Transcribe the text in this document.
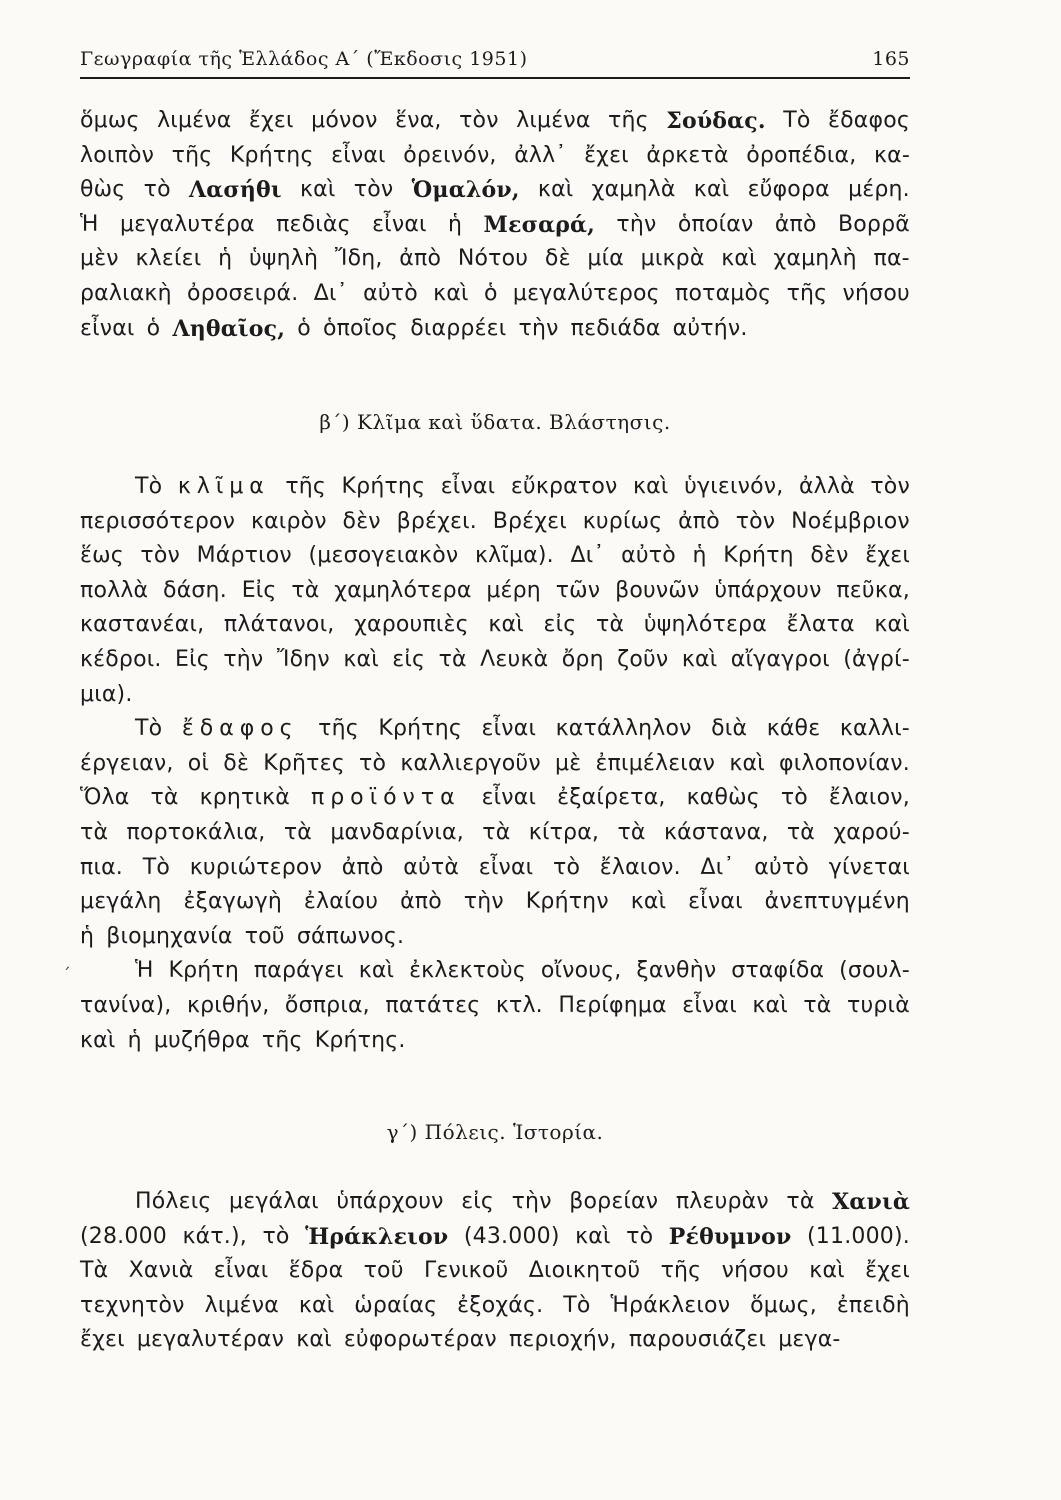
Γεωγραφία τῆς Ἑλλάδος Α΄ (Ἔκδοσις 1951)	165
ὅμως λιμένα ἔχει μόνον ἕνα, τὸν λιμένα τῆς Σούδας. Τὸ ἔδαφος
λοιπὸν τῆς Κρήτης εἶναι ὀρεινόν, ἀλλ᾽ ἔχει ἀρκετὰ ὀροπέδια, κα-
θὼς τὸ Λασήθι καὶ τὸν Ὁμαλόν, καὶ χαμηλὰ καὶ εὔφορα μέρη.
Ἡ μεγαλυτέρα πεδιὰς εἶναι ἡ Μεσαρά, τὴν ὁποίαν ἀπὸ Βορρᾶ
μὲν κλείει ἡ ὑψηλὴ Ἴδη, ἀπὸ Νότου δὲ μία μικρὰ καὶ χαμηλὴ πα-
ραλιακὴ ὀροσειρά. Δι᾽ αὐτὸ καὶ ὁ μεγαλύτερος ποταμὸς τῆς νήσου
εἶναι ὁ Ληθαῖος, ὁ ὁποῖος διαρρέει τὴν πεδιάδα αὐτήν.
β΄) Κλῖμα καὶ ὕδατα. Βλάστησις.
Τὸ κλῖμα τῆς Κρήτης εἶναι εὔκρατον καὶ ὑγιεινόν, ἀλλὰ τὸν
περισσότερον καιρὸν δὲν βρέχει. Βρέχει κυρίως ἀπὸ τὸν Νοέμβριον
ἕως τὸν Μάρτιον (μεσογειακὸν κλῖμα). Δι᾽ αὐτὸ ἡ Κρήτη δὲν ἔχει
πολλὰ δάση. Εἰς τὰ χαμηλότερα μέρη τῶν βουνῶν ὑπάρχουν πεῦκα,
καστανέαι, πλάτανοι, χαρουπιὲς καὶ εἰς τὰ ὑψηλότερα ἔλατα καὶ
κέδροι. Εἰς τὴν Ἴδην καὶ εἰς τὰ Λευκὰ ὄρη ζοῦν καὶ αἴγαγροι (ἀγρί-
μια).
Τὸ ἔδαφος τῆς Κρήτης εἶναι κατάλληλον διὰ κάθε καλλι-
έργειαν, οἱ δὲ Κρῆτες τὸ καλλιεργοῦν μὲ ἐπιμέλειαν καὶ φιλοπονίαν.
Ὅλα τὰ κρητικὰ προϊόντα εἶναι ἐξαίρετα, καθὼς τὸ ἔλαιον,
τὰ πορτοκάλια, τὰ μανδαρίνια, τὰ κίτρα, τὰ κάστανα, τὰ χαρού-
πια. Τὸ κυριώτερον ἀπὸ αὐτὰ εἶναι τὸ ἔλαιον. Δι᾽ αὐτὸ γίνεται
μεγάλη ἐξαγωγὴ ἐλαίου ἀπὸ τὴν Κρήτην καὶ εἶναι ἀνεπτυγμένη
ἡ βιομηχανία τοῦ σάπωνος.
Ἡ Κρήτη παράγει καὶ ἐκλεκτοὺς οἴνους, ξανθὴν σταφίδα (σουλ-
τανίνα), κριθήν, ὄσπρια, πατάτες κτλ. Περίφημα εἶναι καὶ τὰ τυριὰ
καὶ ἡ μυζήθρα τῆς Κρήτης.
ˊ
γ΄) Πόλεις. Ἱστορία.
Πόλεις μεγάλαι ὑπάρχουν εἰς τὴν βορείαν πλευρὰν τὰ Χανιὰ
(28.000 κάτ.), τὸ Ἡράκλειον (43.000) καὶ τὸ Ρέθυμνον (11.000).
Τὰ Χανιὰ εἶναι ἕδρα τοῦ Γενικοῦ Διοικητοῦ τῆς νήσου καὶ ἔχει
τεχνητὸν λιμένα καὶ ὡραίας ἐξοχάς. Τὸ Ἡράκλειον ὅμως, ἐπειδὴ
ἔχει μεγαλυτέραν καὶ εὐφορωτέραν περιοχήν, παρουσιάζει μεγα-
